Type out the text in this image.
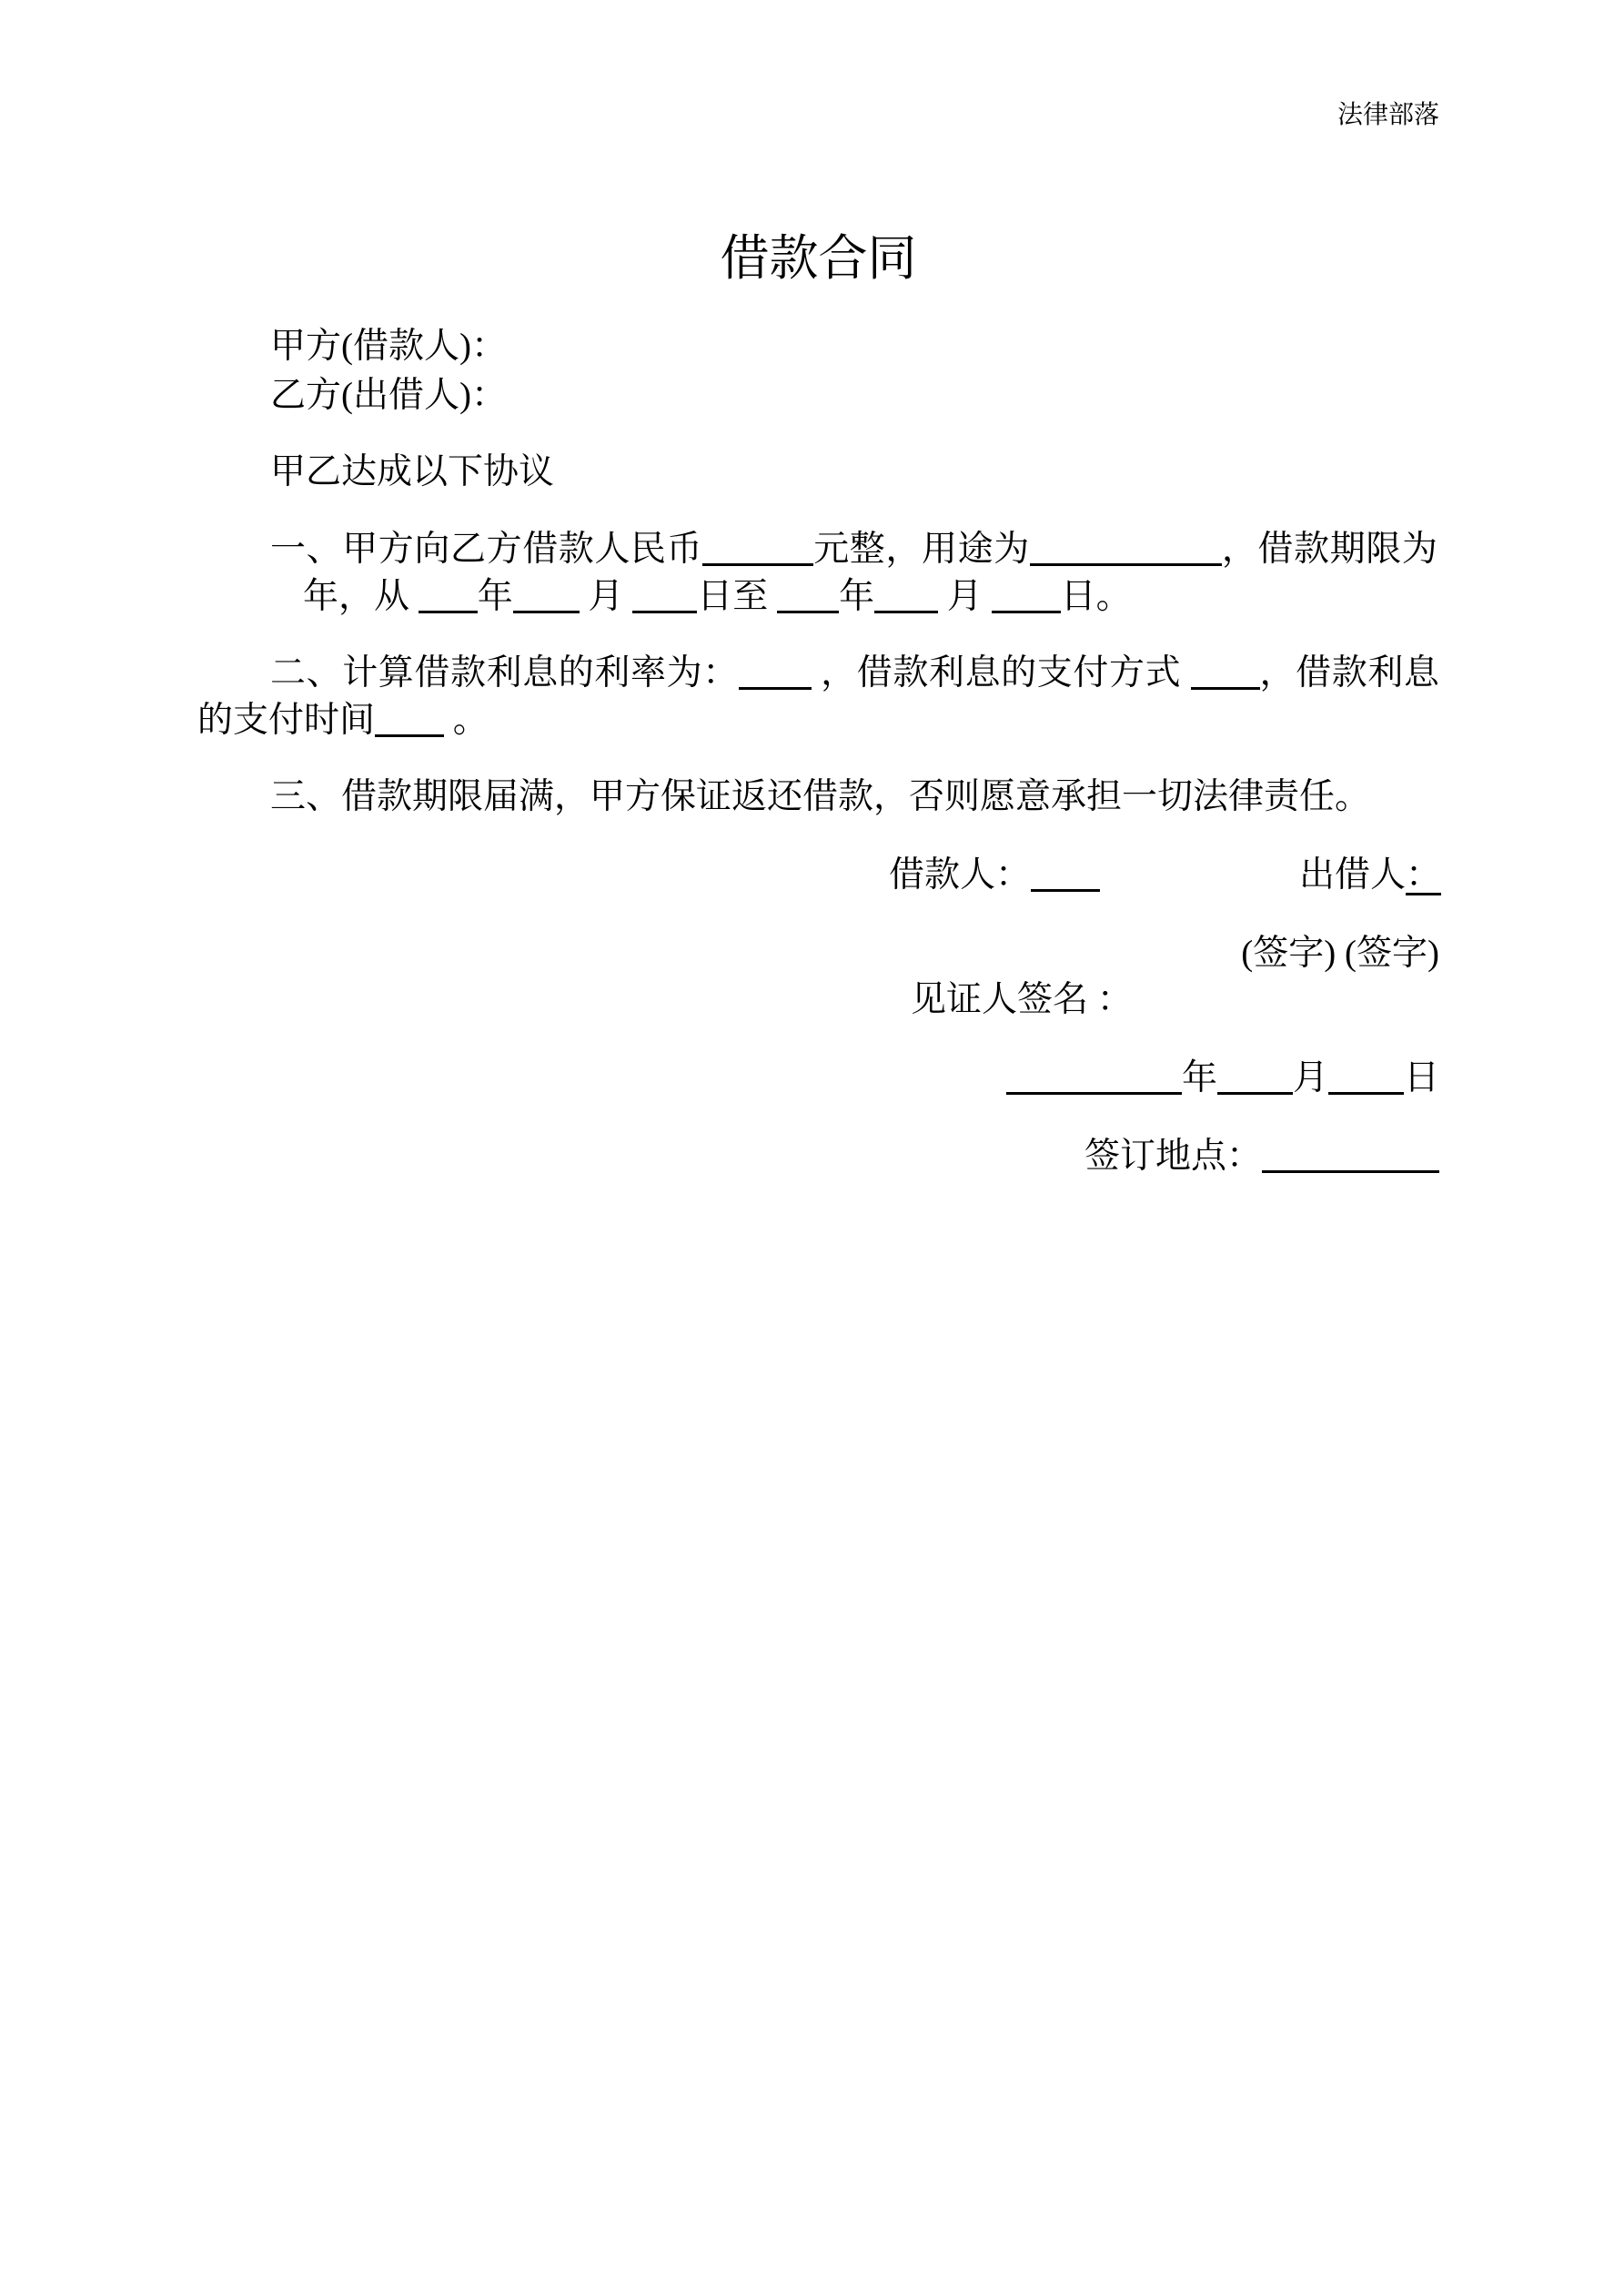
法律部落
借款合同
甲方(借款人)：
乙方(出借人)：
甲乙达成以下协议
一、甲方向乙方借款人民币	元整，用途为	，借款期限为
年，从 年 月 日至 年 月 日。
二、计算借款利息的利率为： ，借款利息的支付方式 ，借款利息
的支付时间 。
三、借款期限届满，甲方保证返还借款，否则愿意承担一切法律责任。
借款人：	出借人：
(签字) (签字)
见证人签名 ：
年 月 日
签订地点：
